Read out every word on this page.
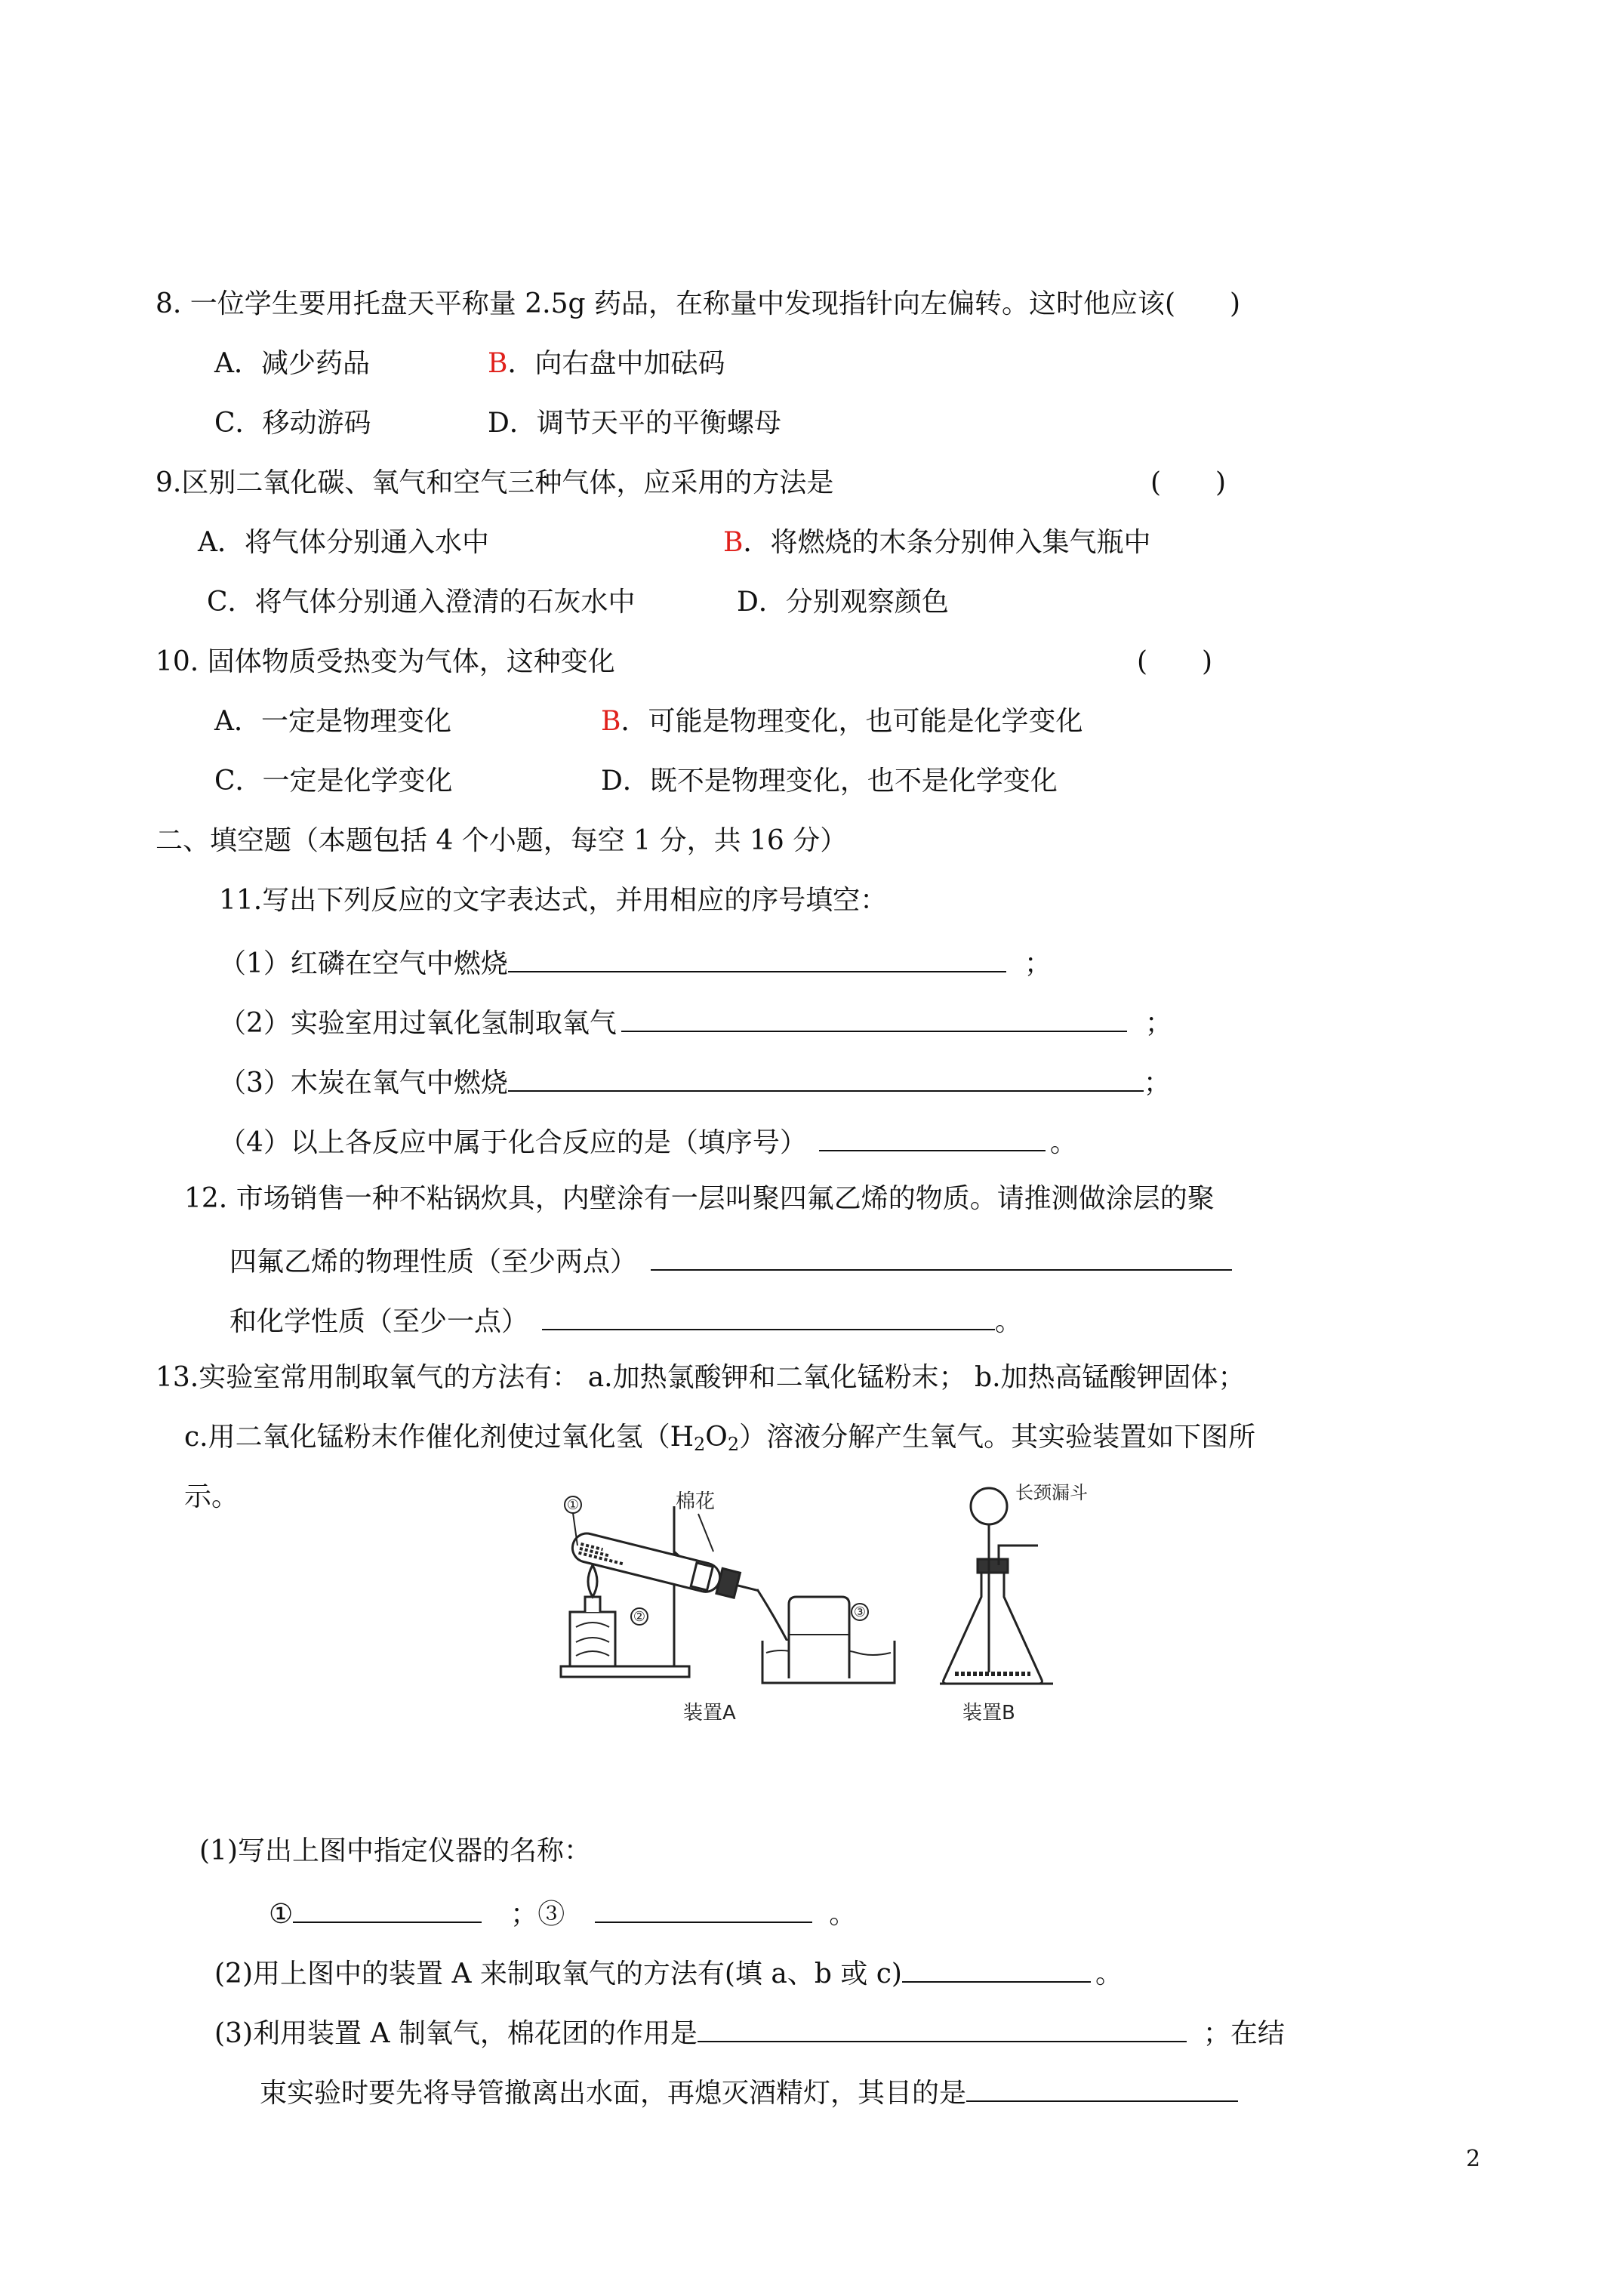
8. 一位学生要用托盘天平称量 2.5g 药品，在称量中发现指针向左偏转。这时他应该(　　)
A．减少药品	B．向右盘中加砝码
C．移动游码	D．调节天平的平衡螺母
9.区别二氧化碳、氧气和空气三种气体，应采用的方法是	(　　)
A．将气体分别通入水中	B．将燃烧的木条分别伸入集气瓶中
C．将气体分别通入澄清的石灰水中	D．分别观察颜色
10. 固体物质受热变为气体，这种变化	(　　)
A．一定是物理变化	B．可能是物理变化，也可能是化学变化
C．一定是化学变化	D．既不是物理变化，也不是化学变化
二、填空题（本题包括 4 个小题，每空 1 分，共 16 分）
11.写出下列反应的文字表达式，并用相应的序号填空：
（1）红磷在空气中燃烧	；
（2）实验室用过氧化氢制取氧气	；
（3）木炭在氧气中燃烧	；
（4）以上各反应中属于化合反应的是（填序号）	。
12. 市场销售一种不粘锅炊具，内壁涂有一层叫聚四氟乙烯的物质。请推测做涂层的聚
四氟乙烯的物理性质（至少两点）
和化学性质（至少一点）	。
13.实验室常用制取氧气的方法有： a.加热氯酸钾和二氧化锰粉末； b.加热高锰酸钾固体；
c.用二氧化锰粉末作催化剂使过氧化氢$(H_2O_2)$溶液分解产生氧气。其实验装置如下图所
示。	①
②	③
棉花
装置A
长颈漏斗
装置B
(1)写出上图中指定仪器的名称：
①	；③	。
(2)用上图中的装置 A 来制取氧气的方法有(填 a、b 或 c)	。
(3)利用装置 A 制氧气，棉花团的作用是	；在结
束实验时要先将导管撤离出水面，再熄灭酒精灯，其目的是
2
